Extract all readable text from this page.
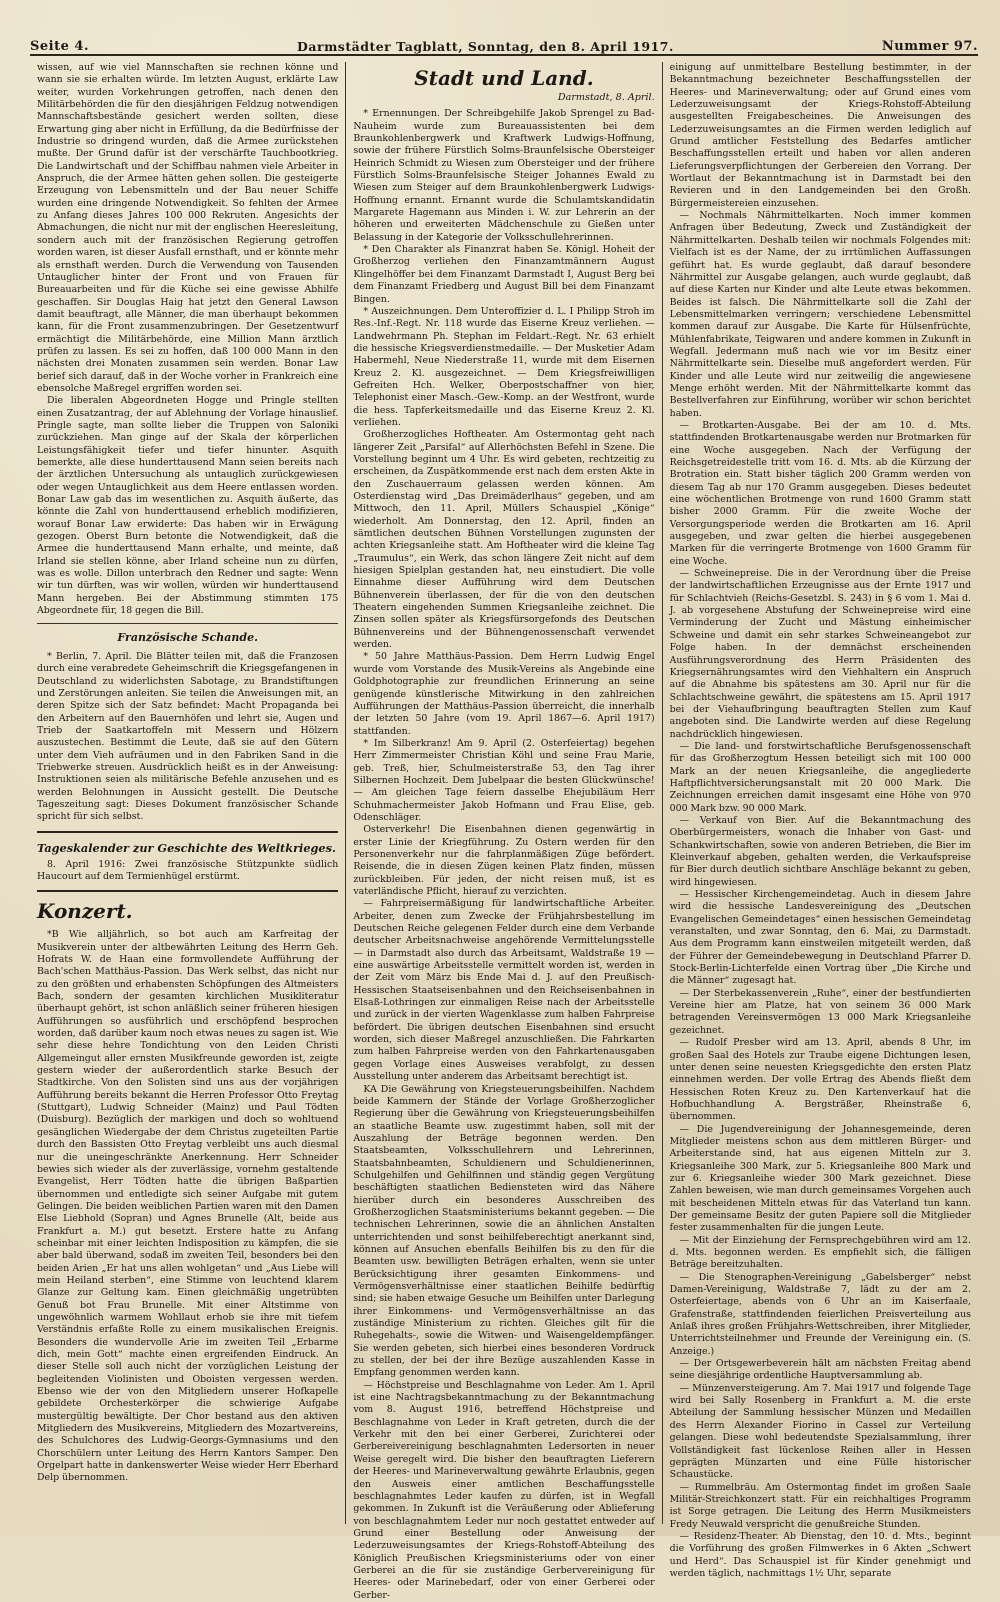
Seite 4.	Darmstädter Tagblatt, Sonntag, den 8. April 1917.	Nummer 97.

wissen, auf wie viel Mannschaften sie rechnen könne und wann sie sie erhalten würde. Im letzten August, erklärte Law weiter, wurden Vorkehrungen getroffen, nach denen den Militärbehörden die für den diesjährigen Feldzug notwendigen Mannschaftsbestände gesichert werden sollten, diese Erwartung ging aber nicht in Erfüllung, da die Bedürfnisse der Industrie so dringend wurden, daß die Armee zurückstehen mußte. Der Grund dafür ist der verschärfte Tauchbootkrieg. Die Landwirtschaft und der Schiffbau nahmen viele Arbeiter in Anspruch, die der Armee hätten gehen sollen. Die gesteigerte Erzeugung von Lebensmitteln und der Bau neuer Schiffe wurden eine dringende Notwendigkeit. So fehlten der Armee zu Anfang dieses Jahres 100 000 Rekruten. Angesichts der Abmachungen, die nicht nur mit der englischen Heeresleitung, sondern auch mit der französischen Regierung getroffen worden waren, ist dieser Ausfall ernsthaft, und er könnte mehr als ernsthaft werden. Durch die Verwendung von Tausenden Untauglicher hinter der Front und von Frauen für Bureauarbeiten und für die Küche sei eine gewisse Abhilfe geschaffen. Sir Douglas Haig hat jetzt den General Lawson damit beauftragt, alle Männer, die man überhaupt bekommen kann, für die Front zusammenzubringen. Der Gesetzentwurf ermächtigt die Militärbehörde, eine Million Mann ärztlich prüfen zu lassen. Es sei zu hoffen, daß 100 000 Mann in den nächsten drei Monaten zusammen sein werden. Bonar Law berief sich darauf, daß in der Woche vorher in Frankreich eine ebensolche Maßregel ergriffen worden sei.

Die liberalen Abgeordneten Hogge und Pringle stellten einen Zusatzantrag, der auf Ablehnung der Vorlage hinauslief. Pringle sagte, man sollte lieber die Truppen von Saloniki zurückziehen. Man ginge auf der Skala der körperlichen Leistungsfähigkeit tiefer und tiefer hinunter. Asquith bemerkte, alle diese hunderttausend Mann seien bereits nach der ärztlichen Untersuchung als untauglich zurückgewiesen oder wegen Untauglichkeit aus dem Heere entlassen worden. Bonar Law gab das im wesentlichen zu. Asquith äußerte, das könnte die Zahl von hunderttausend erheblich modifizieren, worauf Bonar Law erwiderte: Das haben wir in Erwägung gezogen. Oberst Burn betonte die Notwendigkeit, daß die Armee die hunderttausend Mann erhalte, und meinte, daß Irland sie stellen könne, aber Irland scheine nun zu dürfen, was es wolle. Dillon unterbrach den Redner und sagte: Wenn wir tun dürften, was wir wollen, würden wir hunderttausend Mann hergeben. Bei der Abstimmung stimmten 175 Abgeordnete für, 18 gegen die Bill.

Französische Schande.

* Berlin, 7. April. Die Blätter teilen mit, daß die Franzosen durch eine verabredete Geheimschrift die Kriegsgefangenen in Deutschland zu widerlichsten Sabotage, zu Brandstiftungen und Zerstörungen anleiten. Sie teilen die Anweisungen mit, an deren Spitze sich der Satz befindet: Macht Propaganda bei den Arbeitern auf den Bauernhöfen und lehrt sie, Augen und Trieb der Saatkartoffeln mit Messern und Hölzern auszustechen. Bestimmt die Leute, daß sie auf den Gütern unter dem Vieh aufräumen und in den Fabriken Sand in die Triebwerke streuen. Ausdrücklich heißt es in der Anweisung: Instruktionen seien als militärische Befehle anzusehen und es werden Belohnungen in Aussicht gestellt. Die Deutsche Tageszeitung sagt: Dieses Dokument französischer Schande spricht für sich selbst.

Tageskalender zur Geschichte des Weltkrieges.

8. April 1916: Zwei französische Stützpunkte südlich Haucourt auf dem Termienhügel erstürmt.

Konzert.

*B Wie alljährlich, so bot auch am Karfreitag der Musikverein unter der altbewährten Leitung des Herrn Geh. Hofrats W. de Haan eine formvollendete Aufführung der Bach'schen Matthäus-Passion. Das Werk selbst, das nicht nur zu den größten und erhabensten Schöpfungen des Altmeisters Bach, sondern der gesamten kirchlichen Musikliteratur überhaupt gehört, ist schon anläßlich seiner früheren hiesigen Aufführungen so ausführlich und erschöpfend besprochen worden, daß darüber kaum noch etwas neues zu sagen ist. Wie sehr diese hehre Tondichtung von den Leiden Christi Allgemeingut aller ernsten Musikfreunde geworden ist, zeigte gestern wieder der außerordentlich starke Besuch der Stadtkirche. Von den Solisten sind uns aus der vorjährigen Aufführung bereits bekannt die Herren Professor Otto Freytag (Stuttgart), Ludwig Schneider (Mainz) und Paul Tödten (Duisburg). Bezüglich der markigen und doch so wohltuend gesänglichen Wiedergabe der dem Christus zugeteilten Partie durch den Bassisten Otto Freytag verbleibt uns auch diesmal nur die uneingeschränkte Anerkennung. Herr Schneider bewies sich wieder als der zuverlässige, vornehm gestaltende Evangelist, Herr Tödten hatte die übrigen Baßpartien übernommen und entledigte sich seiner Aufgabe mit gutem Gelingen. Die beiden weiblichen Partien waren mit den Damen Else Liebhold (Sopran) und Agnes Brunelle (Alt, beide aus Frankfurt a. M.) gut besetzt. Erstere hatte zu Anfang scheinbar mit einer leichten Indisposition zu kämpfen, die sie aber bald überwand, sodaß im zweiten Teil, besonders bei den beiden Arien „Er hat uns allen wohlgetan“ und „Aus Liebe will mein Heiland sterben“, eine Stimme von leuchtend klarem Glanze zur Geltung kam. Einen gleichmäßig ungetrübten Genuß bot Frau Brunelle. Mit einer Altstimme von ungewöhnlich warmem Wohllaut erhob sie ihre mit tiefem Verständnis erfaßte Rolle zu einem musikalischen Ereignis. Besonders die wundervolle Arie im zweiten Teil „Erbarme dich, mein Gott“ machte einen ergreifenden Eindruck. An dieser Stelle soll auch nicht der vorzüglichen Leistung der begleitenden Violinisten und Oboisten vergessen werden. Ebenso wie der von den Mitgliedern unserer Hofkapelle gebildete Orchesterkörper die schwierige Aufgabe mustergültig bewältigte. Der Chor bestand aus den aktiven Mitgliedern des Musikvereins, Mitgliedern des Mozartvereins, des Schulchores des Ludwig-Georgs-Gymnasiums und den Chorschülern unter Leitung des Herrn Kantors Samper. Den Orgelpart hatte in dankenswerter Weise wieder Herr Eberhard Delp übernommen.

Stadt und Land.
Darmstadt, 8. April.

* Ernennungen. Der Schreibgehilfe Jakob Sprengel zu Bad-Nauheim wurde zum Bureauassistenten bei dem Braunkohlenbergwerk und Kraftwerk Ludwigs-Hoffnung, sowie der frühere Fürstlich Solms-Braunfelsische Obersteiger Heinrich Schmidt zu Wiesen zum Obersteiger und der frühere Fürstlich Solms-Braunfelsische Steiger Johannes Ewald zu Wiesen zum Steiger auf dem Braunkohlenbergwerk Ludwigs-Hoffnung ernannt. Ernannt wurde die Schulamtskandidatin Margarete Hagemann aus Minden i. W. zur Lehrerin an der höheren und erweiterten Mädchenschule zu Gießen unter Belassung in der Kategorie der Volksschullehrerinnen.

* Den Charakter als Finanzrat haben Se. Königl. Hoheit der Großherzog verliehen den Finanzamtmännern August Klingelhöffer bei dem Finanzamt Darmstadt I, August Berg bei dem Finanzamt Friedberg und August Bill bei dem Finanzamt Bingen.

* Auszeichnungen. Dem Unteroffizier d. L. I Philipp Stroh im Res.-Inf.-Regt. Nr. 118 wurde das Eiserne Kreuz verliehen. — Landwehrmann Ph. Stephan im Feldart.-Regt. Nr. 63 erhielt die hessische Kriegsverdienstmedaille. — Der Musketier Adam Habermehl, Neue Niederstraße 11, wurde mit dem Eisernen Kreuz 2. Kl. ausgezeichnet. — Dem Kriegsfreiwilligen Gefreiten Hch. Welker, Oberpostschaffner von hier, Telephonist einer Masch.-Gew.-Komp. an der Westfront, wurde die hess. Tapferkeitsmedaille und das Eiserne Kreuz 2. Kl. verliehen.

Großherzogliches Hoftheater. Am Ostermontag geht nach längerer Zeit „Parsifal“ auf Allerhöchsten Befehl in Szene. Die Vorstellung beginnt um 4 Uhr. Es wird gebeten, rechtzeitig zu erscheinen, da Zuspätkommende erst nach dem ersten Akte in den Zuschauerraum gelassen werden können. Am Osterdienstag wird „Das Dreimäderlhaus“ gegeben, und am Mittwoch, den 11. April, Müllers Schauspiel „Könige“ wiederholt. Am Donnerstag, den 12. April, finden an sämtlichen deutschen Bühnen Vorstellungen zugunsten der achten Kriegsanleihe statt. Am Hoftheater wird die kleine Tag „Traumulus“, ein Werk, das schon längere Zeit nicht auf dem hiesigen Spielplan gestanden hat, neu einstudiert. Die volle Einnahme dieser Aufführung wird dem Deutschen Bühnenverein überlassen, der für die von den deutschen Theatern eingehenden Summen Kriegsanleihe zeichnet. Die Zinsen sollen später als Kriegsfürsorgefonds des Deutschen Bühnenvereins und der Bühnengenossenschaft verwendet werden.

* 50 Jahre Matthäus-Passion. Dem Herrn Ludwig Engel wurde vom Vorstande des Musik-Vereins als Angebinde eine Goldphotographie zur freundlichen Erinnerung an seine genügende künstlerische Mitwirkung in den zahlreichen Aufführungen der Matthäus-Passion überreicht, die innerhalb der letzten 50 Jahre (vom 19. April 1867—6. April 1917) stattfanden.

* Im Silberkranz! Am 9. April (2. Osterfeiertag) begehen Herr Zimmermeister Christian Köhl und seine Frau Marie, geb. Treß, hier, Schulmeisterstraße 53, den Tag ihrer Silbernen Hochzeit. Dem Jubelpaar die besten Glückwünsche! — Am gleichen Tage feiern dasselbe Ehejubiläum Herr Schuhmachermeister Jakob Hofmann und Frau Elise, geb. Odenschläger.

Osterverkehr! Die Eisenbahnen dienen gegenwärtig in erster Linie der Kriegführung. Zu Ostern werden für den Personenverkehr nur die fahrplanmäßigen Züge befördert. Reisende, die in diesen Zügen keinen Platz finden, müssen zurückbleiben. Für jeden, der nicht reisen muß, ist es vaterländische Pflicht, hierauf zu verzichten.

— Fahrpreisermäßigung für landwirtschaftliche Arbeiter. Arbeiter, denen zum Zwecke der Frühjahrsbestellung im Deutschen Reiche gelegenen Felder durch eine dem Verbande deutscher Arbeitsnachweise angehörende Vermittelungsstelle — in Darmstadt also durch das Arbeitsamt, Waldstraße 19 — eine auswärtige Arbeitsstelle vermittelt worden ist, werden in der Zeit vom März bis Ende Mai d. J. auf den Preußisch-Hessischen Staatseisenbahnen und den Reichseisenbahnen in Elsaß-Lothringen zur einmaligen Reise nach der Arbeitsstelle und zurück in der vierten Wagenklasse zum halben Fahrpreise befördert. Die übrigen deutschen Eisenbahnen sind ersucht worden, sich dieser Maßregel anzuschließen. Die Fahrkarten zum halben Fahrpreise werden von den Fahrkartenausgaben gegen Vorlage eines Ausweises verabfolgt, zu dessen Ausstellung unter anderem das Arbeitsamt berechtigt ist.

KA Die Gewährung von Kriegsteuerungsbeihilfen. Nachdem beide Kammern der Stände der Vorlage Großherzoglicher Regierung über die Gewährung von Kriegsteuerungsbeihilfen an staatliche Beamte usw. zugestimmt haben, soll mit der Auszahlung der Beträge begonnen werden. Den Staatsbeamten, Volksschullehrern und Lehrerinnen, Staatsbahnbeamten, Schuldienern und Schuldienerinnen, Schulgehilfen und Gehilfinnen und ständig gegen Vergütung beschäftigten staatlichen Bediensteten wird das Nähere hierüber durch ein besonderes Ausschreiben des Großherzoglichen Staatsministeriums bekannt gegeben. — Die technischen Lehrerinnen, sowie die an ähnlichen Anstalten unterrichtenden und sonst beihilfeberechtigt anerkannt sind, können auf Ansuchen ebenfalls Beihilfen bis zu den für die Beamten usw. bewilligten Beträgen erhalten, wenn sie unter Berücksichtigung ihrer gesamten Einkommens- und Vermögensverhältnisse einer staatlichen Beihilfe bedürftig sind; sie haben etwaige Gesuche um Beihilfen unter Darlegung ihrer Einkommens- und Vermögensverhältnisse an das zuständige Ministerium zu richten. Gleiches gilt für die Ruhegehalts-, sowie die Witwen- und Waisengeldempfänger. Sie werden gebeten, sich hierbei eines besonderen Vordruck zu stellen, der bei der ihre Bezüge auszahlenden Kasse in Empfang genommen werden kann.

— Höchstpreise und Beschlagnahme von Leder. Am 1. April ist eine Nachtragsbekanntmachung zu der Bekanntmachung vom 8. August 1916, betreffend Höchstpreise und Beschlagnahme von Leder in Kraft getreten, durch die der Verkehr mit den bei einer Gerberei, Zurichterei oder Gerbereivereinigung beschlagnahmten Ledersorten in neuer Weise geregelt wird. Die bisher den beauftragten Lieferern der Heeres- und Marineverwaltung gewährte Erlaubnis, gegen den Ausweis einer amtlichen Beschaffungsstelle beschlagnahmtes Leder kaufen zu dürfen, ist in Wegfall gekommen. In Zukunft ist die Veräußerung oder Ablieferung von beschlagnahmtem Leder nur noch gestattet entweder auf Grund einer Bestellung oder Anweisung der Lederzuweisungsamtes der Kriegs-Rohstoff-Abteilung des Königlich Preußischen Kriegsministeriums oder von einer Gerberei an die für sie zuständige Gerbervereinigung für Heeres- oder Marinebedarf, oder von einer Gerberei oder Gerber-

einigung auf unmittelbare Bestellung bestimmter, in der Bekanntmachung bezeichneter Beschaffungsstellen der Heeres- und Marineverwaltung; oder auf Grund eines vom Lederzuweisungsamt der Kriegs-Rohstoff-Abteilung ausgestellten Freigabescheines. Die Anweisungen des Lederzuweisungsamtes an die Firmen werden lediglich auf Grund amtlicher Feststellung des Bedarfes amtlicher Beschaffungsstellen erteilt und haben vor allen anderen Lieferungsverpflichtungen der Gerbereien den Vorrang. Der Wortlaut der Bekanntmachung ist in Darmstadt bei den Revieren und in den Landgemeinden bei den Großh. Bürgermeistereien einzusehen.

— Nochmals Nährmittelkarten. Noch immer kommen Anfragen über Bedeutung, Zweck und Zuständigkeit der Nährmittelkarten. Deshalb teilen wir nochmals Folgendes mit: Vielfach ist es der Name, der zu irrtümlichen Auffassungen geführt hat. Es wurde geglaubt, daß darauf besondere Nährmittel zur Ausgabe gelangen, auch wurde geglaubt, daß auf diese Karten nur Kinder und alte Leute etwas bekommen. Beides ist falsch. Die Nährmittelkarte soll die Zahl der Lebensmittelmarken verringern; verschiedene Lebensmittel kommen darauf zur Ausgabe. Die Karte für Hülsenfrüchte, Mühlenfabrikate, Teigwaren und andere kommen in Zukunft in Wegfall. Jedermann muß nach wie vor im Besitz einer Nährmittelkarte sein. Dieselbe muß angefordert werden. Für Kinder und alle Leute wird nur zeitweilig die angewiesene Menge erhöht werden. Mit der Nährmittelkarte kommt das Bestellverfahren zur Einführung, worüber wir schon berichtet haben.

— Brotkarten-Ausgabe. Bei der am 10. d. Mts. stattfindenden Brotkartenausgabe werden nur Brotmarken für eine Woche ausgegeben. Nach der Verfügung der Reichsgetreidestelle tritt vom 16. d. Mts. ab die Kürzung der Brotration ein. Statt bisher täglich 200 Gramm werden von diesem Tag ab nur 170 Gramm ausgegeben. Dieses bedeutet eine wöchentlichen Brotmenge von rund 1600 Gramm statt bisher 2000 Gramm. Für die zweite Woche der Versorgungsperiode werden die Brotkarten am 16. April ausgegeben, und zwar gelten die hierbei ausgegebenen Marken für die verringerte Brotmenge von 1600 Gramm für eine Woche.

— Schweinepreise. Die in der Verordnung über die Preise der landwirtschaftlichen Erzeugnisse aus der Ernte 1917 und für Schlachtvieh (Reichs-Gesetzbl. S. 243) in § 6 vom 1. Mai d. J. ab vorgesehene Abstufung der Schweinepreise wird eine Verminderung der Zucht und Mästung einheimischer Schweine und damit ein sehr starkes Schweineangebot zur Folge haben. In der demnächst erscheinenden Ausführungsverordnung des Herrn Präsidenten des Kriegsernährungsamtes wird den Viehhaltern ein Anspruch auf die Abnahme bis spätestens am 30. April nur für die Schlachtschweine gewährt, die spätestens am 15. April 1917 bei der Viehaufbringung beauftragten Stellen zum Kauf angeboten sind. Die Landwirte werden auf diese Regelung nachdrücklich hingewiesen.

— Die land- und forstwirtschaftliche Berufsgenossenschaft für das Großherzogtum Hessen beteiligt sich mit 100 000 Mark an der neuen Kriegsanleihe, die angegliederte Haftpflichtversicherungsanstalt mit 20 000 Mark. Die Zeichnungen erreichen damit insgesamt eine Höhe von 970 000 Mark bzw. 90 000 Mark.

— Verkauf von Bier. Auf die Bekanntmachung des Oberbürgermeisters, wonach die Inhaber von Gast- und Schankwirtschaften, sowie von anderen Betrieben, die Bier im Kleinverkauf abgeben, gehalten werden, die Verkaufspreise für Bier durch deutlich sichtbare Anschläge bekannt zu geben, wird hingewiesen.

— Hessischer Kirchengemeindetag. Auch in diesem Jahre wird die hessische Landesvereinigung des „Deutschen Evangelischen Gemeindetages“ einen hessischen Gemeindetag veranstalten, und zwar Sonntag, den 6. Mai, zu Darmstadt. Aus dem Programm kann einstweilen mitgeteilt werden, daß der Führer der Gemeindebewegung in Deutschland Pfarrer D. Stock-Berlin-Lichterfelde einen Vortrag über „Die Kirche und die Männer“ zugesagt hat.

— Der Sterbekassenverein „Ruhe“, einer der bestfundierten Vereine hier am Platze, hat von seinem 36 000 Mark betragenden Vereinsvermögen 13 000 Mark Kriegsanleihe gezeichnet.

— Rudolf Presber wird am 13. April, abends 8 Uhr, im großen Saal des Hotels zur Traube eigene Dichtungen lesen, unter denen seine neuesten Kriegsgedichte den ersten Platz einnehmen werden. Der volle Ertrag des Abends fließt dem Hessischen Roten Kreuz zu. Den Kartenverkauf hat die Hofbuchhandlung A. Bergsträßer, Rheinstraße 6, übernommen.

— Die Jugendvereinigung der Johannesgemeinde, deren Mitglieder meistens schon aus dem mittleren Bürger- und Arbeiterstande sind, hat aus eigenen Mitteln zur 3. Kriegsanleihe 300 Mark, zur 5. Kriegsanleihe 800 Mark und zur 6. Kriegsanleihe wieder 300 Mark gezeichnet. Diese Zahlen beweisen, wie man durch gemeinsames Vorgehen auch mit bescheidenen Mitteln etwas für das Vaterland tun kann. Der gemeinsame Besitz der guten Papiere soll die Mitglieder fester zusammenhalten für die jungen Leute.

— Mit der Einziehung der Fernsprechgebühren wird am 12. d. Mts. begonnen werden. Es empfiehlt sich, die fälligen Beträge bereitzuhalten.

— Die Stenographen-Vereinigung „Gabelsberger“ nebst Damen-Vereinigung, Waldstraße 7, lädt zu der am 2. Osterfeiertage, abends von 6 Uhr an im Kaiserfaale, Grafenstraße, stattfindenden feierlichen Preisverteilung aus Anlaß ihres großen Frühjahrs-Wettschreiben, ihrer Mitglieder, Unterrichtsteilnehmer und Freunde der Vereinigung ein. (S. Anzeige.)

— Der Ortsgewerbeverein hält am nächsten Freitag abend seine diesjährige ordentliche Hauptversammlung ab.

— Münzenversteigerung. Am 7. Mai 1917 und folgende Tage wird bei Sally Rosenberg in Frankfurt a. M. die erste Abteilung der Sammlung hessischer Münzen und Medaillen des Herrn Alexander Fiorino in Cassel zur Verteilung gelangen. Diese wohl bedeutendste Spezialsammlung, ihrer Vollständigkeit fast lückenlose Reihen aller in Hessen geprägten Münzarten und eine Fülle historischer Schaustücke.

— Rummelbräu. Am Ostermontag findet im großen Saale Militär-Streichkonzert statt. Für ein reichhaltiges Programm ist Sorge getragen. Die Leitung des Herrn Musikmeisters Fredy Neuwald verspricht die genußreiche Stunden.

— Residenz-Theater. Ab Dienstag, den 10. d. Mts., beginnt die Vorführung des großen Filmwerkes in 6 Akten „Schwert und Herd“. Das Schauspiel ist für Kinder genehmigt und werden täglich, nachmittags 1½ Uhr, separate
